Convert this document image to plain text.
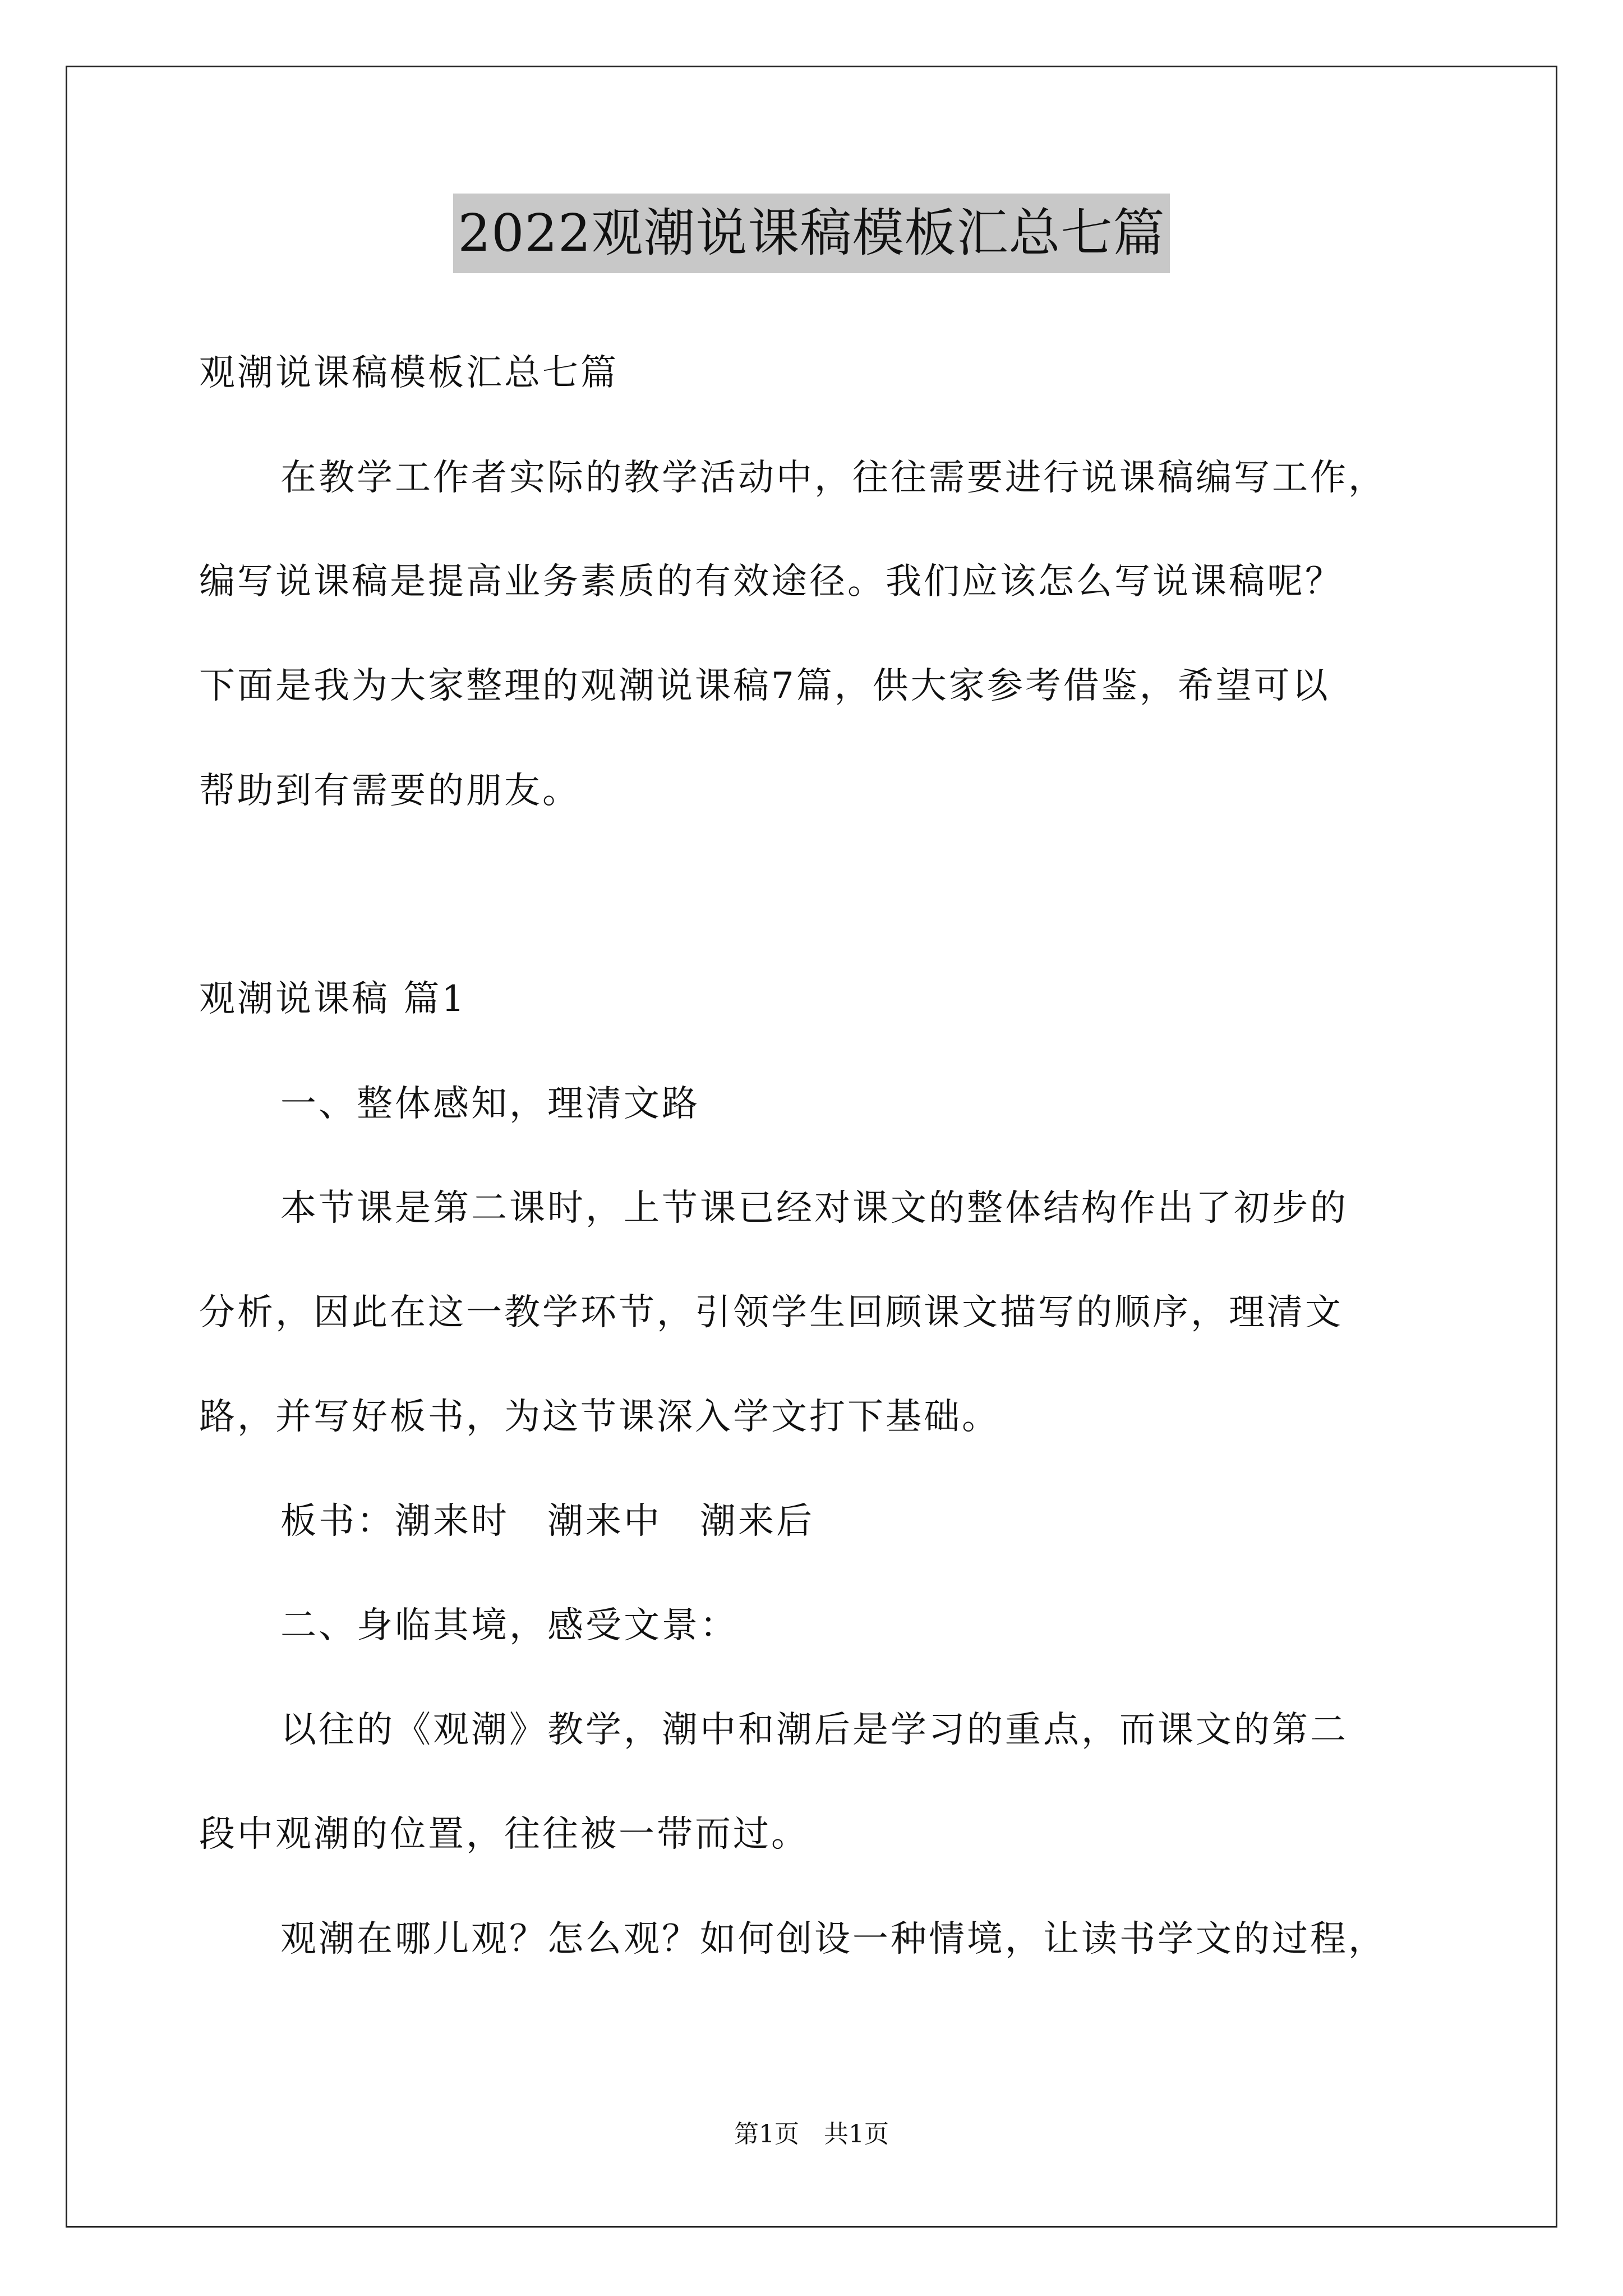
2022观潮说课稿模板汇总七篇
观潮说课稿模板汇总七篇
在教学工作者实际的教学活动中，往往需要进行说课稿编写工作，
编写说课稿是提高业务素质的有效途径。我们应该怎么写说课稿呢？
下面是我为大家整理的观潮说课稿7篇，供大家参考借鉴，希望可以
帮助到有需要的朋友。
观潮说课稿 篇1
一、整体感知，理清文路
本节课是第二课时，上节课已经对课文的整体结构作出了初步的
分析，因此在这一教学环节，引领学生回顾课文描写的顺序，理清文
路，并写好板书，为这节课深入学文打下基础。
板书：潮来时　潮来中　潮来后
二、身临其境，感受文景：
以往的《观潮》教学，潮中和潮后是学习的重点，而课文的第二
段中观潮的位置，往往被一带而过。
观潮在哪儿观？怎么观？如何创设一种情境，让读书学文的过程，
第1页　共1页
